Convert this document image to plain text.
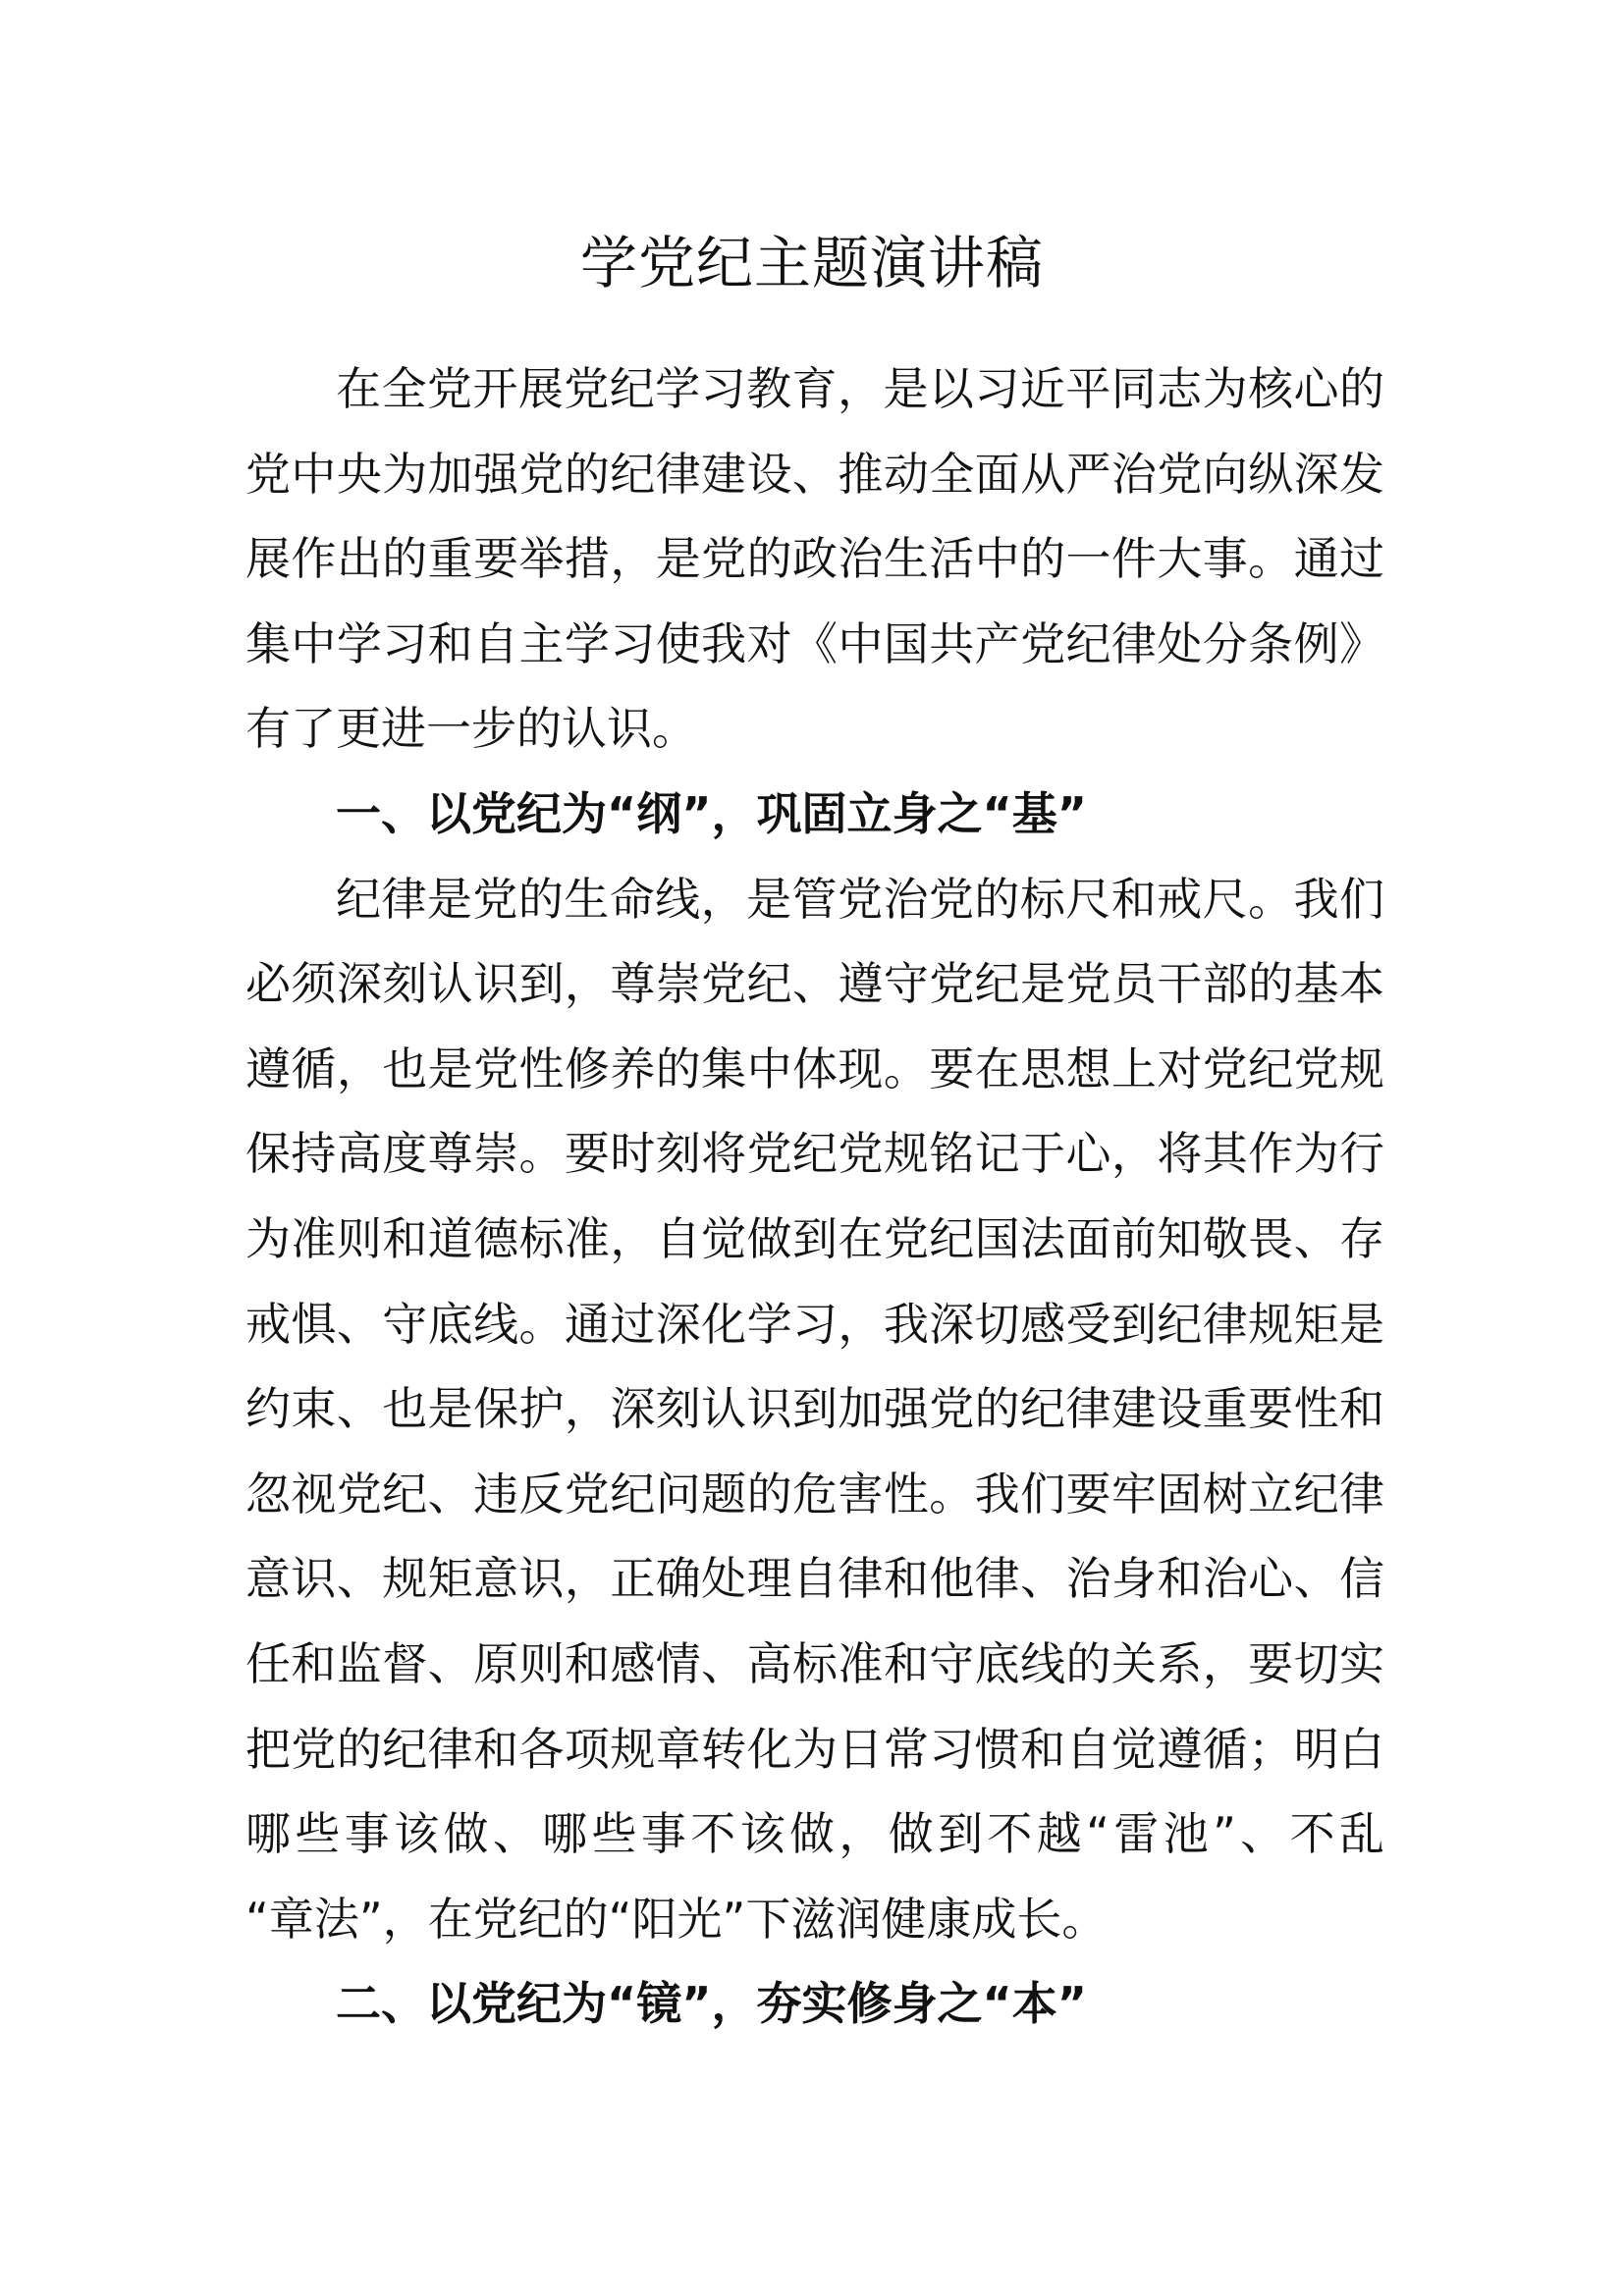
学党纪主题演讲稿
在全党开展党纪学习教育，是以习近平同志为核心的
党中央为加强党的纪律建设、推动全面从严治党向纵深发
展作出的重要举措，是党的政治生活中的一件大事。通过
集中学习和自主学习使我对《中国共产党纪律处分条例》
有了更进一步的认识。
一、以党纪为“纲”，巩固立身之“基”
纪律是党的生命线，是管党治党的标尺和戒尺。我们
必须深刻认识到，尊崇党纪、遵守党纪是党员干部的基本
遵循，也是党性修养的集中体现。要在思想上对党纪党规
保持高度尊崇。要时刻将党纪党规铭记于心，将其作为行
为准则和道德标准，自觉做到在党纪国法面前知敬畏、存
戒惧、守底线。通过深化学习，我深切感受到纪律规矩是
约束、也是保护，深刻认识到加强党的纪律建设重要性和
忽视党纪、违反党纪问题的危害性。我们要牢固树立纪律
意识、规矩意识，正确处理自律和他律、治身和治心、信
任和监督、原则和感情、高标准和守底线的关系，要切实
把党的纪律和各项规章转化为日常习惯和自觉遵循；明白
哪些事该做、哪些事不该做，做到不越“雷池”、不乱
“章法”，在党纪的“阳光”下滋润健康成长。
二、以党纪为“镜”，夯实修身之“本”
